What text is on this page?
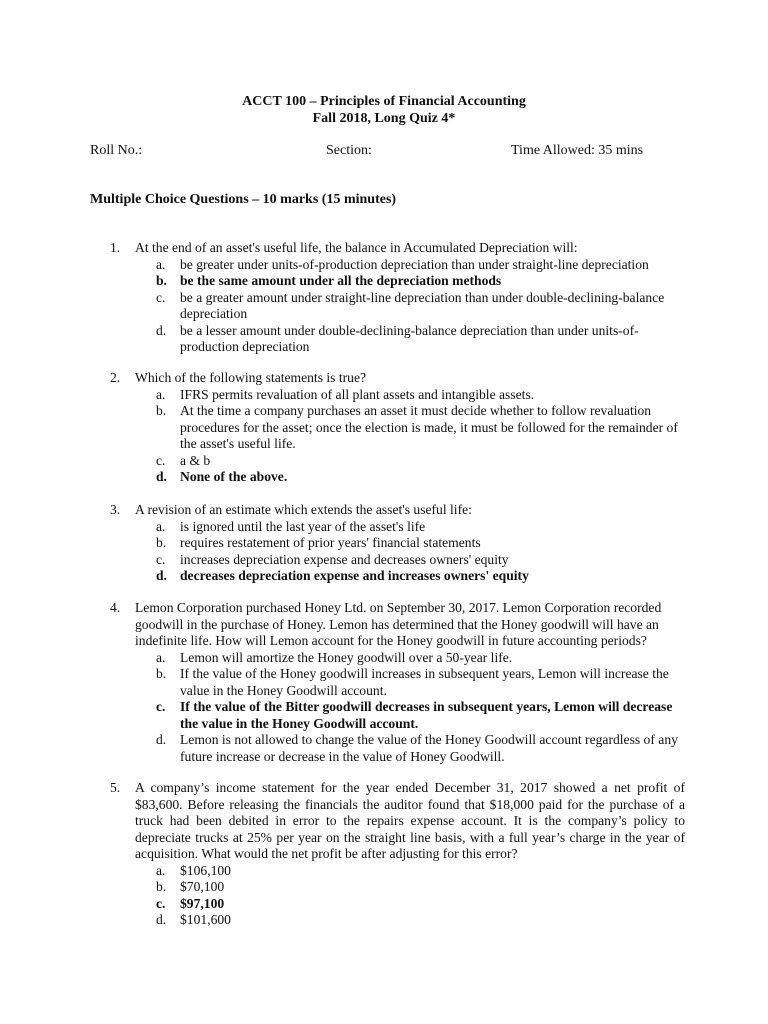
ACCT 100 – Principles of Financial Accounting
Fall 2018, Long Quiz 4*
Roll No.:	Section:	Time Allowed: 35 mins
Multiple Choice Questions – 10 marks (15 minutes)
1.	At the end of an asset's useful life, the balance in Accumulated Depreciation will:
a.	be greater under units-of-production depreciation than under straight-line depreciation
b. be the same amount under all the depreciation methods
c.	be a greater amount under straight-line depreciation than under double-declining-balance depreciation
d.	be a lesser amount under double-declining-balance depreciation than under units-of-production depreciation
2.	Which of the following statements is true?
a.	IFRS permits revaluation of all plant assets and intangible assets.
b.	At the time a company purchases an asset it must decide whether to follow revaluation procedures for the asset; once the election is made, it must be followed for the remainder of the asset's useful life.
c.	a & b
d. None of the above.
3.	A revision of an estimate which extends the asset's useful life:
a.	is ignored until the last year of the asset's life
b.	requires restatement of prior years' financial statements
c.	increases depreciation expense and decreases owners' equity
d. decreases depreciation expense and increases owners' equity
4.	Lemon Corporation purchased Honey Ltd. on September 30, 2017. Lemon Corporation recorded goodwill in the purchase of Honey. Lemon has determined that the Honey goodwill will have an indefinite life. How will Lemon account for the Honey goodwill in future accounting periods?
a.	Lemon will amortize the Honey goodwill over a 50-year life.
b.	If the value of the Honey goodwill increases in subsequent years, Lemon will increase the value in the Honey Goodwill account.
c.	If the value of the Bitter goodwill decreases in subsequent years, Lemon will decrease the value in the Honey Goodwill account.
d.	Lemon is not allowed to change the value of the Honey Goodwill account regardless of any future increase or decrease in the value of Honey Goodwill.
5.	A company’s income statement for the year ended December 31, 2017 showed a net profit of $83,600. Before releasing the financials the auditor found that $18,000 paid for the purchase of a truck had been debited in error to the repairs expense account. It is the company’s policy to depreciate trucks at 25% per year on the straight line basis, with a full year’s charge in the year of acquisition. What would the net profit be after adjusting for this error?
a.	$106,100
b.	$70,100
c.	$97,100
d.	$101,600
